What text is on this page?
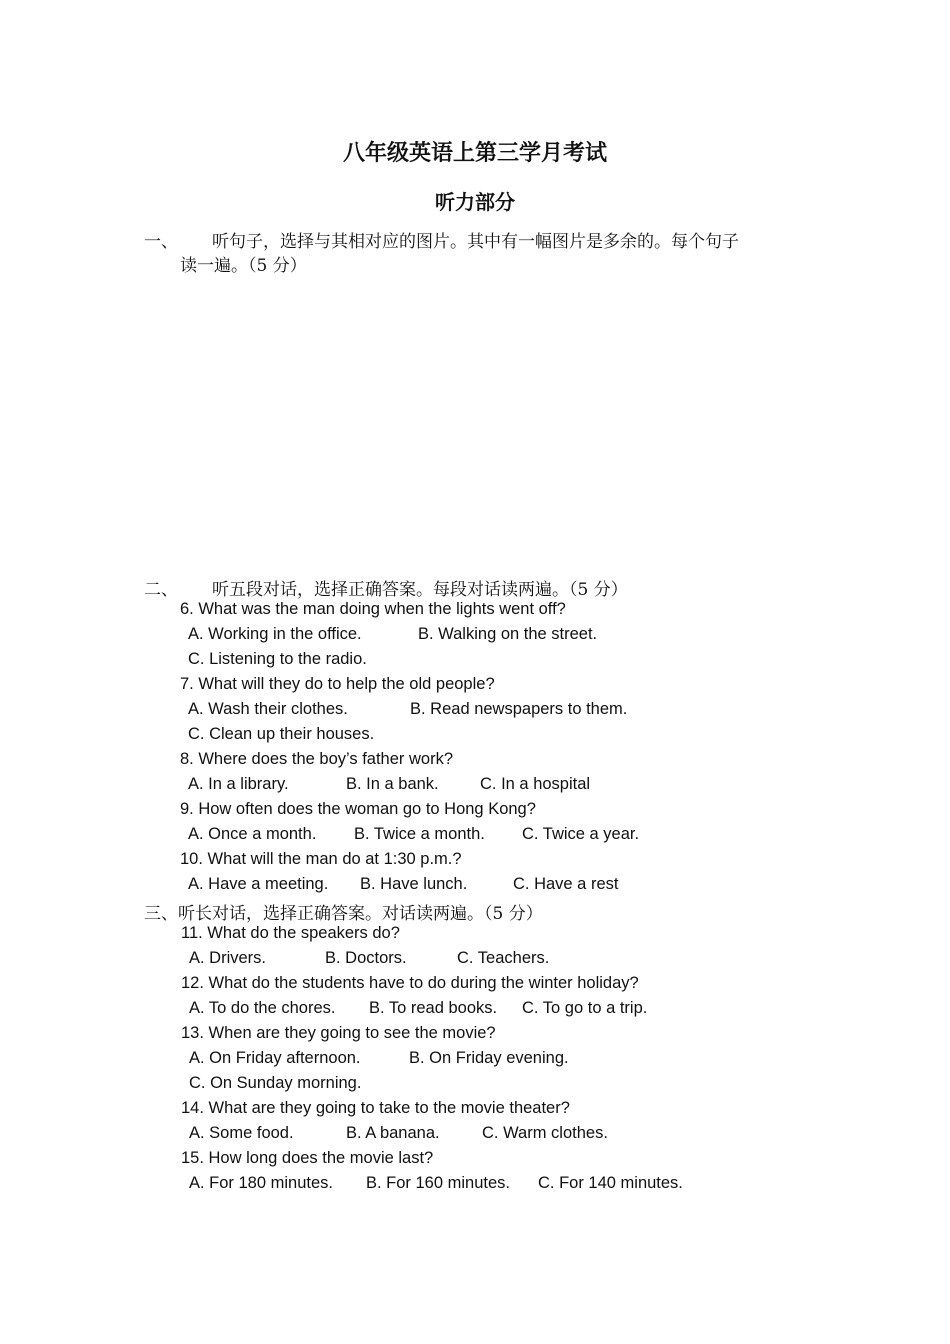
八年级英语上第三学月考试
听力部分
一、 听句子，选择与其相对应的图片。其中有一幅图片是多余的。每个句子
读一遍。（5 分）
二、 听五段对话，选择正确答案。每段对话读两遍。（5 分）
6. What was the man doing when the lights went off?
A. Working in the office.	B. Walking on the street.
C. Listening to the radio.
7. What will they do to help the old people?
A. Wash their clothes.	B. Read newspapers to them.
C. Clean up their houses.
8. Where does the boy’s father work?
A. In a library.	B. In a bank.	C. In a hospital
9. How often does the woman go to Hong Kong?
A. Once a month. B. Twice a month. C. Twice a year.
10. What will the man do at 1:30 p.m.?
A. Have a meeting. B. Have lunch.	C. Have a rest
三、听长对话，选择正确答案。对话读两遍。（5 分）
11. What do the speakers do?
A. Drivers.	B. Doctors.	C. Teachers.
12. What do the students have to do during the winter holiday?
A. To do the chores. B. To read books. C. To go to a trip.
13. When are they going to see the movie?
A. On Friday afternoon.	B. On Friday evening.
C. On Sunday morning.
14. What are they going to take to the movie theater?
A. Some food.	B. A banana.	C. Warm clothes.
15. How long does the movie last?
A. For 180 minutes. B. For 160 minutes. C. For 140 minutes.
